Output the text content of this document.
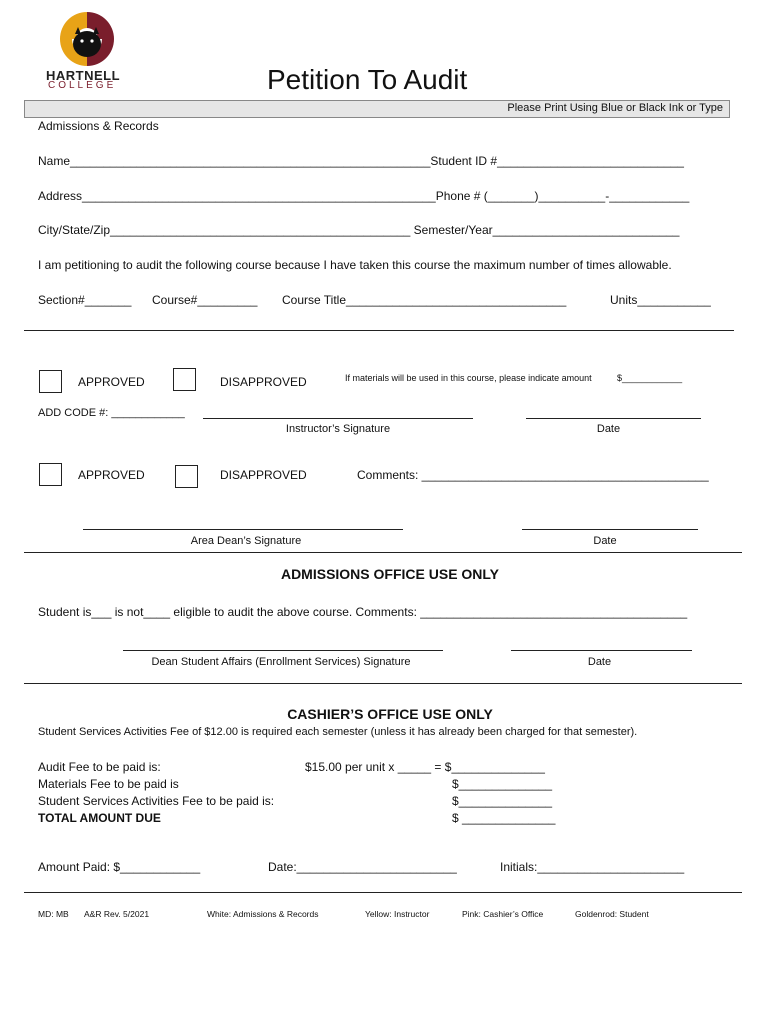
HARTNELL
COLLEGE	Petition To Audit
Please Print Using Blue or Black Ink or Type
Admissions & Records
Name______________________________________________________Student ID #____________________________
Address_____________________________________________________Phone # (_______)__________-____________
City/State/Zip_____________________________________________ Semester/Year____________________________
I am petitioning to audit the following course because I have taken this course the maximum number of times allowable.
Section#_______ Course#_________ Course Title_________________________________	Units___________
APPROVED	DISAPPROVED	If materials will be used in this course, please indicate amount	$____________
ADD CODE #: ____________
Instructor’s Signature	Date
APPROVED	DISAPPROVED	Comments: ___________________________________________
Area Dean’s Signature	Date
ADMISSIONS OFFICE USE ONLY
Student is___ is not____ eligible to audit the above course. Comments: ________________________________________
Dean Student Affairs (Enrollment Services) Signature	Date
CASHIER’S OFFICE USE ONLY
Student Services Activities Fee of $12.00 is required each semester (unless it has already been charged for that semester).
Audit Fee to be paid is:	$15.00 per unit x _____ = $______________
Materials Fee to be paid is	$______________
Student Services Activities Fee to be paid is:	$______________
TOTAL AMOUNT DUE	$ ______________
Amount Paid: $____________	Date:________________________	Initials:______________________
MD: MB A&R Rev. 5/2021	White: Admissions & Records	Yellow: Instructor	Pink: Cashier’s Office	Goldenrod: Student
